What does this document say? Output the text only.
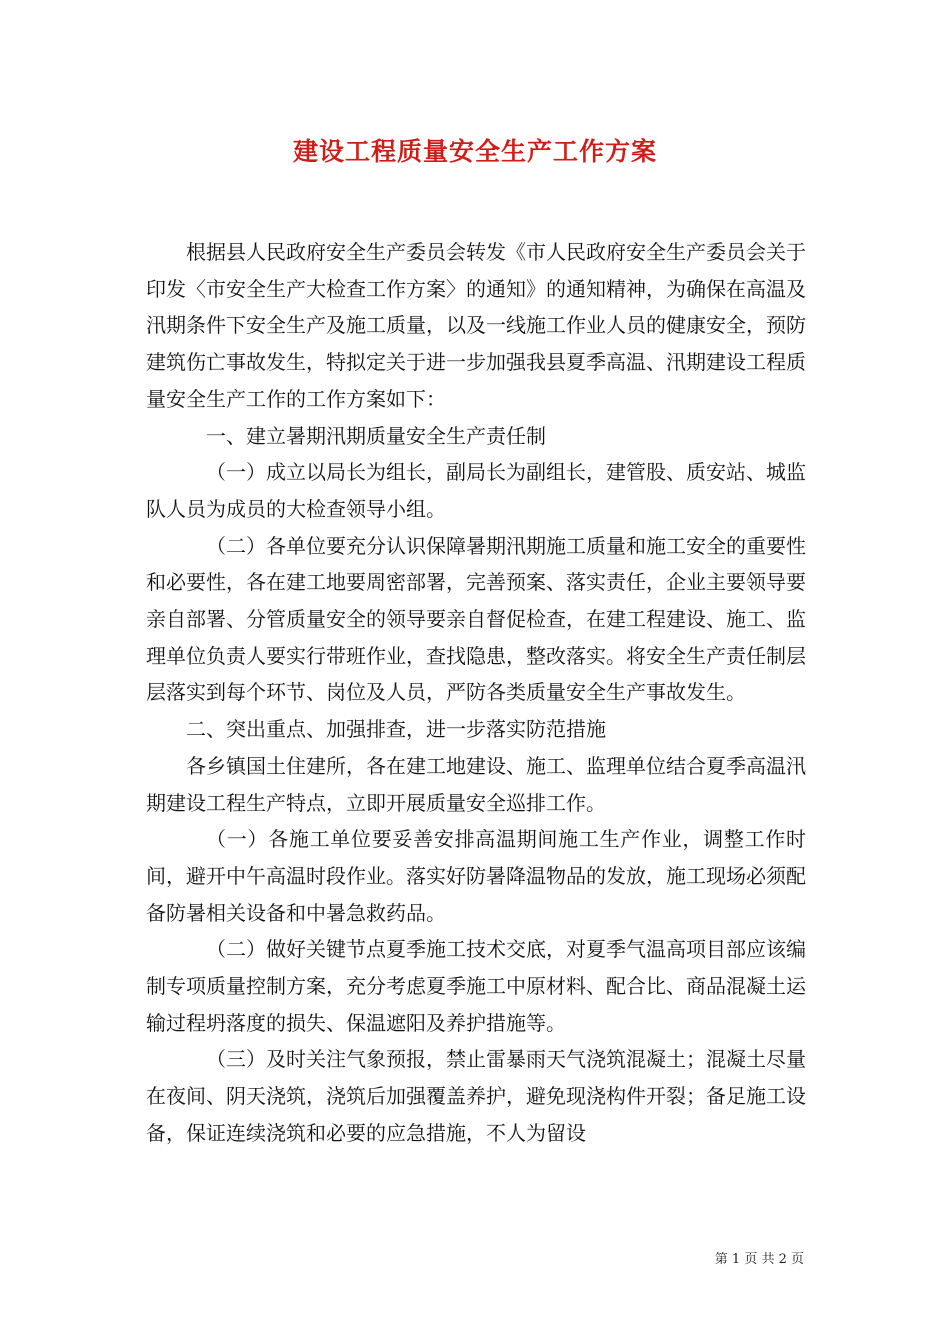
建设工程质量安全生产工作方案

根据县人民政府安全生产委员会转发《市人民政府安全生产委员会关于印发〈市安全生产大检查工作方案〉的通知》的通知精神，为确保在高温及汛期条件下安全生产及施工质量，以及一线施工作业人员的健康安全，预防建筑伤亡事故发生，特拟定关于进一步加强我县夏季高温、汛期建设工程质量安全生产工作的工作方案如下：

一、建立暑期汛期质量安全生产责任制

（一）成立以局长为组长，副局长为副组长，建管股、质安站、城监队人员为成员的大检查领导小组。

（二）各单位要充分认识保障暑期汛期施工质量和施工安全的重要性和必要性，各在建工地要周密部署，完善预案、落实责任，企业主要领导要亲自部署、分管质量安全的领导要亲自督促检查，在建工程建设、施工、监理单位负责人要实行带班作业，查找隐患，整改落实。将安全生产责任制层层落实到每个环节、岗位及人员，严防各类质量安全生产事故发生。

二、突出重点、加强排查，进一步落实防范措施

各乡镇国土住建所，各在建工地建设、施工、监理单位结合夏季高温汛期建设工程生产特点，立即开展质量安全巡排工作。

（一）各施工单位要妥善安排高温期间施工生产作业，调整工作时间，避开中午高温时段作业。落实好防暑降温物品的发放，施工现场必须配备防暑相关设备和中暑急救药品。

（二）做好关键节点夏季施工技术交底，对夏季气温高项目部应该编制专项质量控制方案，充分考虑夏季施工中原材料、配合比、商品混凝土运输过程坍落度的损失、保温遮阳及养护措施等。

（三）及时关注气象预报，禁止雷暴雨天气浇筑混凝土；混凝土尽量在夜间、阴天浇筑，浇筑后加强覆盖养护，避免现浇构件开裂；备足施工设备，保证连续浇筑和必要的应急措施，不人为留设

第 1 页 共 2 页
